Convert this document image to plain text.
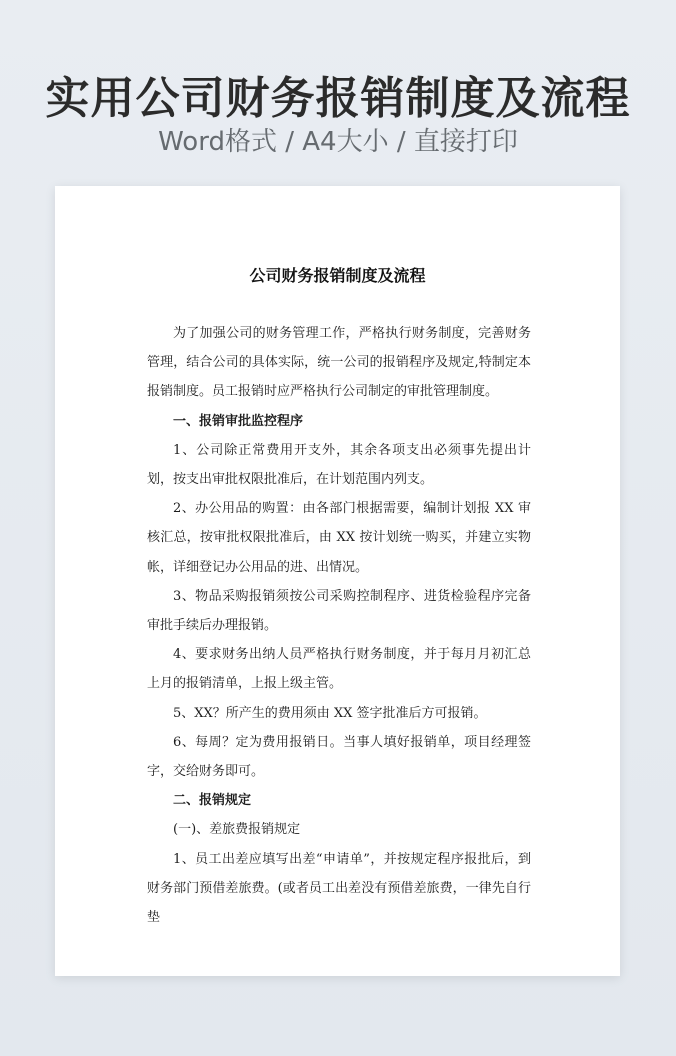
实用公司财务报销制度及流程
Word格式 / A4大小 / 直接打印
公司财务报销制度及流程

为了加强公司的财务管理工作，严格执行财务制度，完善财务管理，结合公司的具体实际，统一公司的报销程序及规定,特制定本报销制度。员工报销时应严格执行公司制定的审批管理制度。

一、报销审批监控程序

1、公司除正常费用开支外，其余各项支出必须事先提出计划，按支出审批权限批准后，在计划范围内列支。

2、办公用品的购置：由各部门根据需要，编制计划报 XX 审核汇总，按审批权限批准后，由 XX 按计划统一购买，并建立实物帐，详细登记办公用品的进、出情况。

3、物品采购报销须按公司采购控制程序、进货检验程序完备审批手续后办理报销。

4、要求财务出纳人员严格执行财务制度，并于每月月初汇总上月的报销清单，上报上级主管。

5、XX？所产生的费用须由 XX 签字批准后方可报销。

6、每周？定为费用报销日。当事人填好报销单，项目经理签字，交给财务即可。

二、报销规定

(一)、差旅费报销规定

1、员工出差应填写出差“申请单”，并按规定程序报批后，到财务部门预借差旅费。(或者员工出差没有预借差旅费，一律先自行垫
